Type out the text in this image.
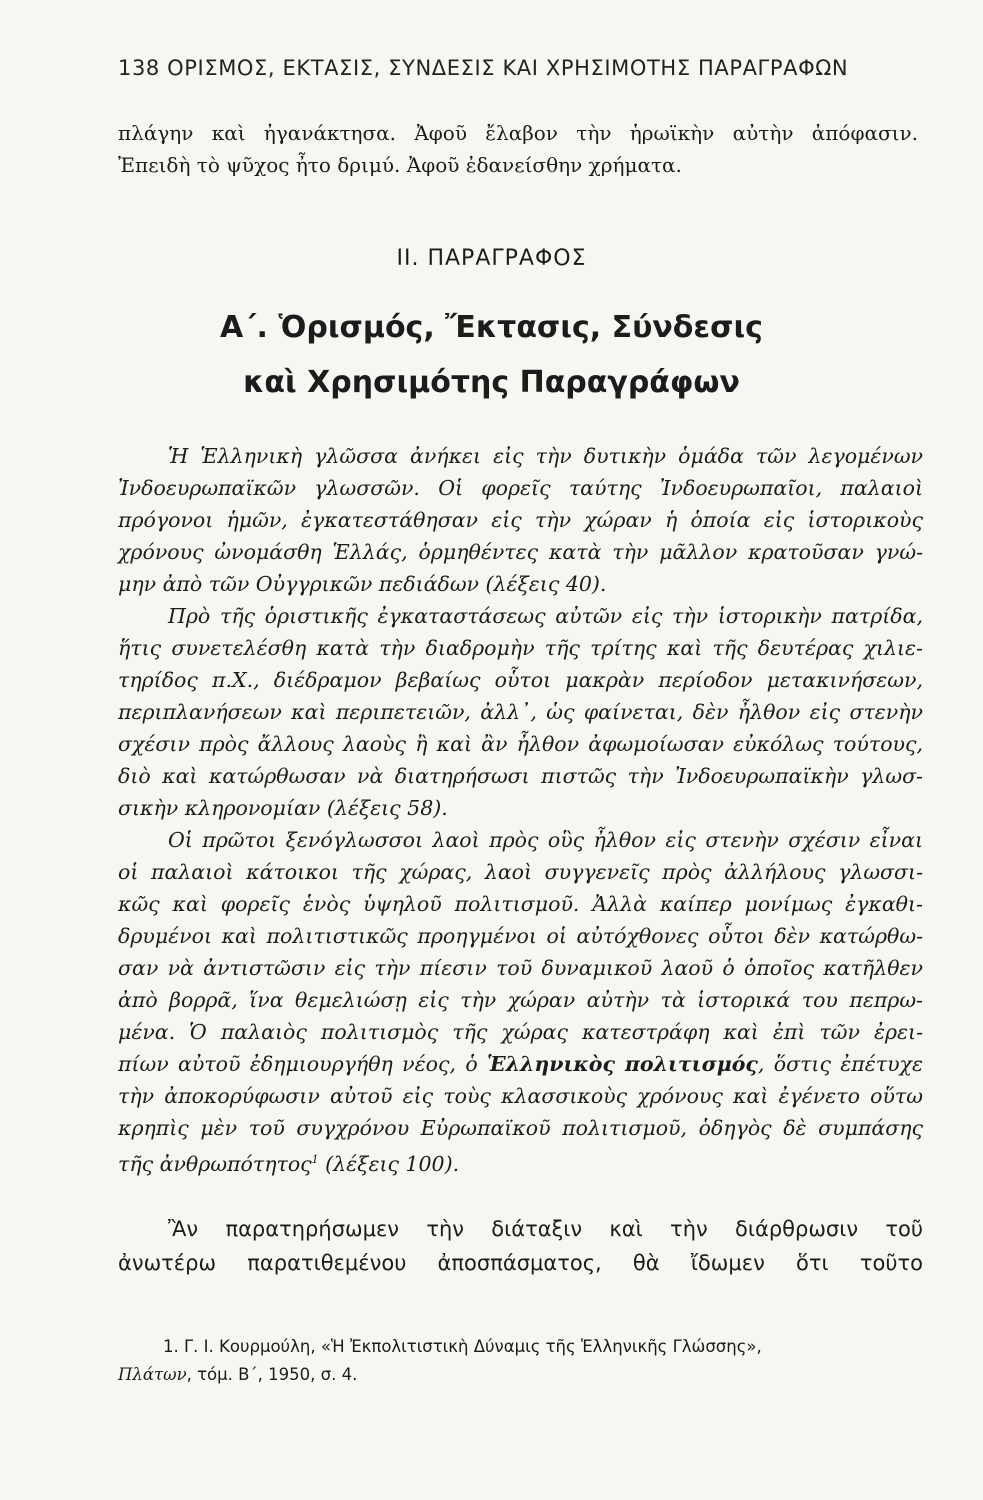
138 ΟΡΙΣΜΟΣ, ΕΚΤΑΣΙΣ, ΣΥΝΔΕΣΙΣ ΚΑΙ ΧΡΗΣΙΜΟΤΗΣ ΠΑΡΑΓΡΑΦΩΝ
πλάγην καὶ ἠγανάκτησα. Ἀφοῦ ἔλαβον τὴν ἡρωϊκὴν αὐτὴν ἀπόφασιν.
Ἐπειδὴ τὸ ψῦχος ἦτο δριμύ. Ἀφοῦ ἐδανείσθην χρήματα.
ΙΙ. ΠΑΡΑΓΡΑΦΟΣ
Α΄. Ὁρισμός, Ἔκτασις, Σύνδεσις
καὶ Χρησιμότης Παραγράφων
Ἡ Ἑλληνικὴ γλῶσσα ἀνήκει εἰς τὴν δυτικὴν ὁμάδα τῶν λεγομένων
Ἰνδοευρωπαϊκῶν γλωσσῶν. Οἱ φορεῖς ταύτης Ἰνδοευρωπαῖοι, παλαιοὶ
πρόγονοι ἡμῶν, ἐγκατεστάθησαν εἰς τὴν χώραν ἡ ὁποία εἰς ἱστορικοὺς
χρόνους ὠνομάσθη Ἑλλάς, ὁρμηθέντες κατὰ τὴν μᾶλλον κρατοῦσαν γνώ-
μην ἀπὸ τῶν Οὐγγρικῶν πεδιάδων (λέξεις 40).
Πρὸ τῆς ὁριστικῆς ἐγκαταστάσεως αὐτῶν εἰς τὴν ἱστορικὴν πατρίδα,
ἥτις συνετελέσθη κατὰ τὴν διαδρομὴν τῆς τρίτης καὶ τῆς δευτέρας χιλιε-
τηρίδος π.Χ., διέδραμον βεβαίως οὗτοι μακρὰν περίοδον μετακινήσεων,
περιπλανήσεων καὶ περιπετειῶν, ἀλλ᾽, ὡς φαίνεται, δὲν ἦλθον εἰς στενὴν
σχέσιν πρὸς ἄλλους λαοὺς ἢ καὶ ἂν ἦλθον ἀφωμοίωσαν εὐκόλως τούτους,
διὸ καὶ κατώρθωσαν νὰ διατηρήσωσι πιστῶς τὴν Ἰνδοευρωπαϊκὴν γλωσ-
σικὴν κληρονομίαν (λέξεις 58).
Οἱ πρῶτοι ξενόγλωσσοι λαοὶ πρὸς οὓς ἦλθον εἰς στενὴν σχέσιν εἶναι
οἱ παλαιοὶ κάτοικοι τῆς χώρας, λαοὶ συγγενεῖς πρὸς ἀλλήλους γλωσσι-
κῶς καὶ φορεῖς ἑνὸς ὑψηλοῦ πολιτισμοῦ. Ἀλλὰ καίπερ μονίμως ἐγκαθι-
δρυμένοι καὶ πολιτιστικῶς προηγμένοι οἱ αὐτόχθονες οὗτοι δὲν κατώρθω-
σαν νὰ ἀντιστῶσιν εἰς τὴν πίεσιν τοῦ δυναμικοῦ λαοῦ ὁ ὁποῖος κατῆλθεν
ἀπὸ βορρᾶ, ἵνα θεμελιώσῃ εἰς τὴν χώραν αὐτὴν τὰ ἱστορικά του πεπρω-
μένα. Ὁ παλαιὸς πολιτισμὸς τῆς χώρας κατεστράφη καὶ ἐπὶ τῶν ἐρει-
πίων αὐτοῦ ἐδημιουργήθη νέος, ὁ Ἑλληνικὸς πολιτισμός, ὅστις ἐπέτυχε
τὴν ἀποκορύφωσιν αὐτοῦ εἰς τοὺς κλασσικοὺς χρόνους καὶ ἐγένετο οὕτω
κρηπὶς μὲν τοῦ συγχρόνου Εὐρωπαϊκοῦ πολιτισμοῦ, ὁδηγὸς δὲ συμπάσης
τῆς ἀνθρωπότητος$^1$ (λέξεις 100).
Ἂν παρατηρήσωμεν τὴν διάταξιν καὶ τὴν διάρθρωσιν τοῦ
ἀνωτέρω παρατιθεμένου ἀποσπάσματος, θὰ ἴδωμεν ὅτι τοῦτο
1. Γ. Ι. Κουρμούλη, «Ἡ Ἐκπολιτιστικὴ Δύναμις τῆς Ἑλληνικῆς Γλώσσης»,
Πλάτων, τόμ. Β΄, 1950, σ. 4.
